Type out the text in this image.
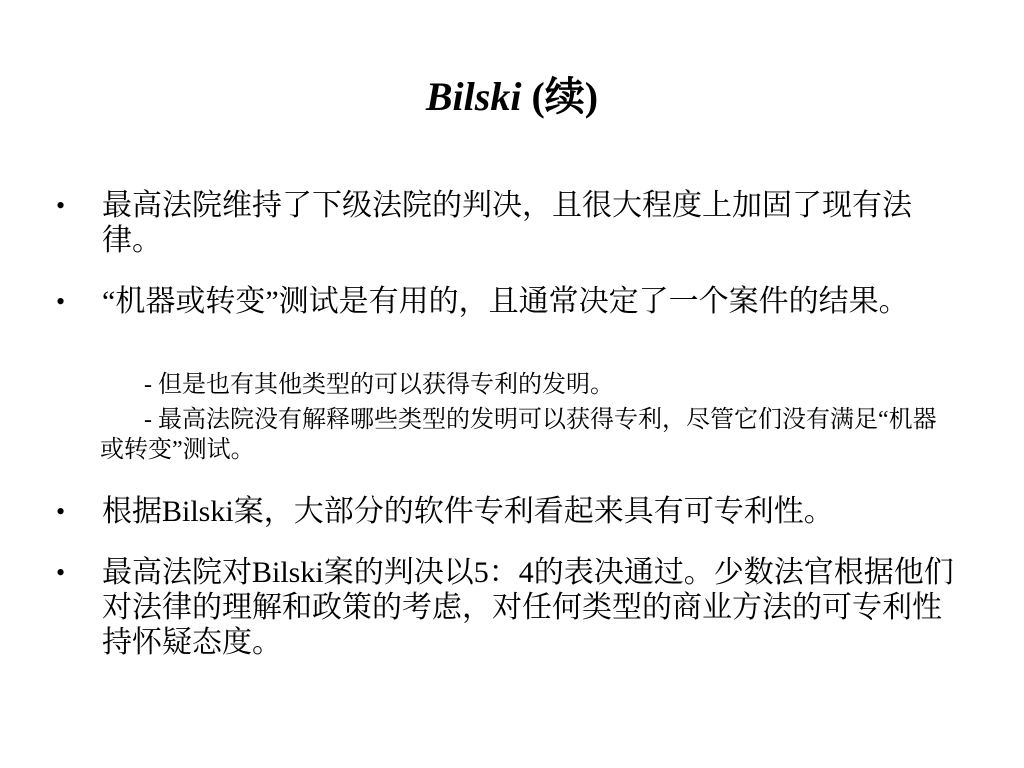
Bilski (续)
•	最高法院维持了下级法院的判决，且很大程度上加固了现有法律。
•	“机器或转变”测试是有用的，且通常决定了一个案件的结果。
- 但是也有其他类型的可以获得专利的发明。
- 最高法院没有解释哪些类型的发明可以获得专利，尽管它们没有满足“机器或转变”测试。
•	根据Bilski案，大部分的软件专利看起来具有可专利性。
•	最高法院对Bilski案的判决以5：4的表决通过。少数法官根据他们对法律的理解和政策的考虑，对任何类型的商业方法的可专利性持怀疑态度。
